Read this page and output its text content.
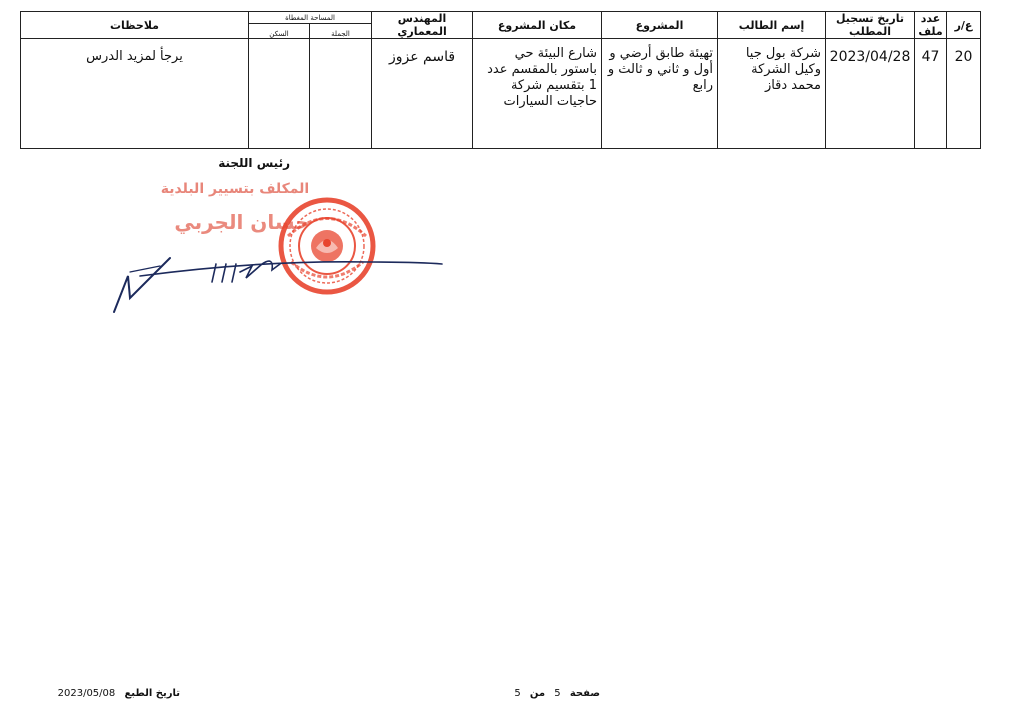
ع/ر	عدد ملف	تاريخ تسجيل المطلب	إسم الطالب	المشروع	مكان المشروع	المهندس المعماري	المساحة المغطاة		ملاحظات
							الجملة	السكن	
20	47	2023/04/28	شركة بول جيا وكيل الشركة محمد دقاز	تهيئة طابق أرضي و أول و ثاني و ثالث و رابع	شارع البيئة حي باستور بالمقسم عدد 1 بتقسيم شركة حاجيات السيارات	قاسم عزوز			يرجأ لمزيد الدرس
رئيس اللجنة
المكلف بتسيير البلدية
حسان الجربي
تاريخ الطبع 2023/05/08	صفحة 5 من 5
